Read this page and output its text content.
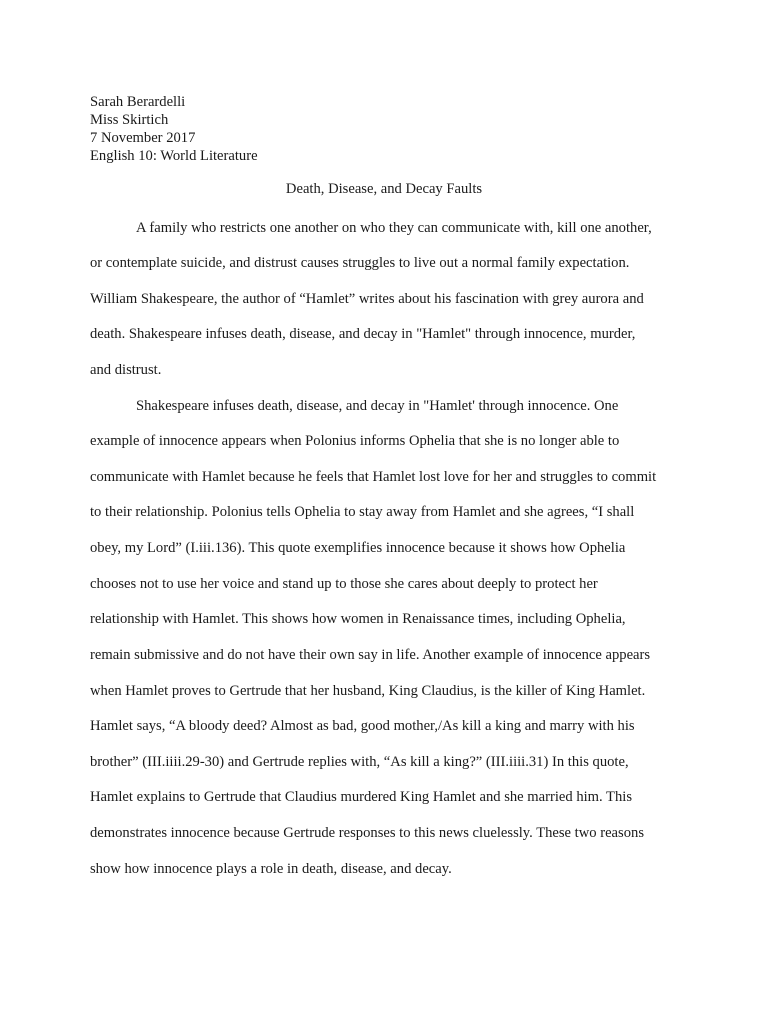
Sarah Berardelli
Miss Skirtich
7 November 2017
English 10: World Literature
Death, Disease, and Decay Faults
A family who restricts one another on who they can communicate with, kill one another,
or contemplate suicide, and distrust causes struggles to live out a normal family expectation.
William Shakespeare, the author of “Hamlet” writes about his fascination with grey aurora and
death. Shakespeare infuses death, disease, and decay in "Hamlet" through innocence, murder,
and distrust.
Shakespeare infuses death, disease, and decay in "Hamlet' through innocence. One
example of innocence appears when Polonius informs Ophelia that she is no longer able to
communicate with Hamlet because he feels that Hamlet lost love for her and struggles to commit
to their relationship. Polonius tells Ophelia to stay away from Hamlet and she agrees, “I shall
obey, my Lord” (I.iii.136). This quote exemplifies innocence because it shows how Ophelia
chooses not to use her voice and stand up to those she cares about deeply to protect her
relationship with Hamlet. This shows how women in Renaissance times, including Ophelia,
remain submissive and do not have their own say in life. Another example of innocence appears
when Hamlet proves to Gertrude that her husband, King Claudius, is the killer of King Hamlet.
Hamlet says, “A bloody deed? Almost as bad, good mother,/As kill a king and marry with his
brother” (III.iiii.29-30) and Gertrude replies with, “As kill a king?” (III.iiii.31) In this quote,
Hamlet explains to Gertrude that Claudius murdered King Hamlet and she married him. This
demonstrates innocence because Gertrude responses to this news cluelessly. These two reasons
show how innocence plays a role in death, disease, and decay.
